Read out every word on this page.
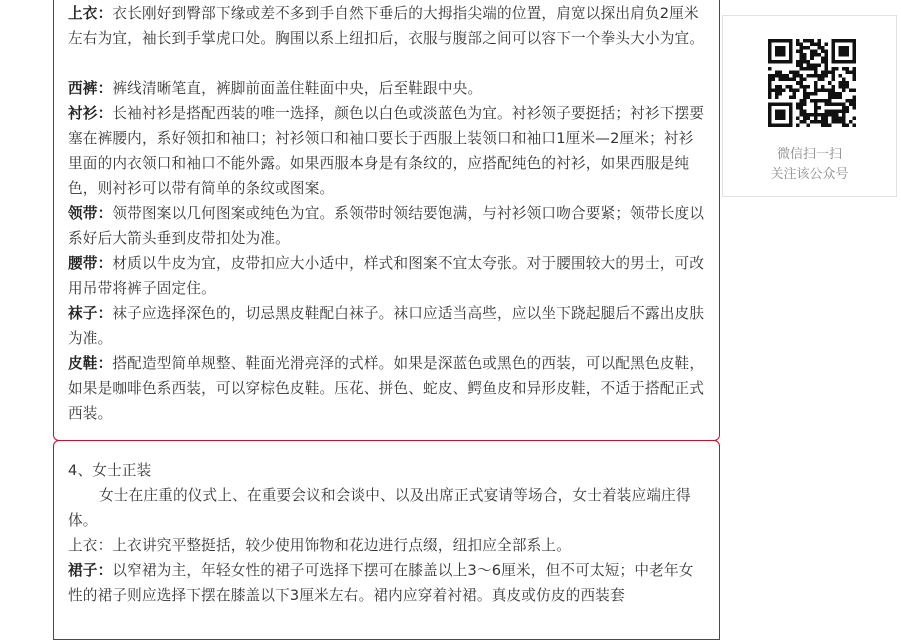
上衣：衣长刚好到臀部下缘或差不多到手自然下垂后的大拇指尖端的位置，肩宽以探出肩负2厘米左右为宜，袖长到手掌虎口处。胸围以系上纽扣后，衣服与腹部之间可以容下一个拳头大小为宜。

西裤：裤线清晰笔直，裤脚前面盖住鞋面中央，后至鞋跟中央。

衬衫：长袖衬衫是搭配西装的唯一选择，颜色以白色或淡蓝色为宜。衬衫领子要挺括；衬衫下摆要塞在裤腰内，系好领扣和袖口；衬衫领口和袖口要长于西服上装领口和袖口1厘米—2厘米；衬衫里面的内衣领口和袖口不能外露。如果西服本身是有条纹的，应搭配纯色的衬衫，如果西服是纯色，则衬衫可以带有简单的条纹或图案。

领带：领带图案以几何图案或纯色为宜。系领带时领结要饱满，与衬衫领口吻合要紧；领带长度以系好后大箭头垂到皮带扣处为准。

腰带：材质以牛皮为宜，皮带扣应大小适中，样式和图案不宜太夸张。对于腰围较大的男士，可改用吊带将裤子固定住。

袜子：袜子应选择深色的，切忌黑皮鞋配白袜子。袜口应适当高些，应以坐下跷起腿后不露出皮肤为准。

皮鞋：搭配造型简单规整、鞋面光滑亮泽的式样。如果是深蓝色或黑色的西装，可以配黑色皮鞋，如果是咖啡色系西装，可以穿棕色皮鞋。压花、拼色、蛇皮、鳄鱼皮和异形皮鞋，不适于搭配正式西装。

4、女士正装

女士在庄重的仪式上、在重要会议和会谈中、以及出席正式宴请等场合，女士着装应端庄得体。

上衣：上衣讲究平整挺括，较少使用饰物和花边进行点缀，纽扣应全部系上。

裙子：以窄裙为主，年轻女性的裙子可选择下摆可在膝盖以上3～6厘米，但不可太短；中老年女性的裙子则应选择下摆在膝盖以下3厘米左右。裙内应穿着衬裙。真皮或仿皮的西装套

微信扫一扫
关注该公众号
